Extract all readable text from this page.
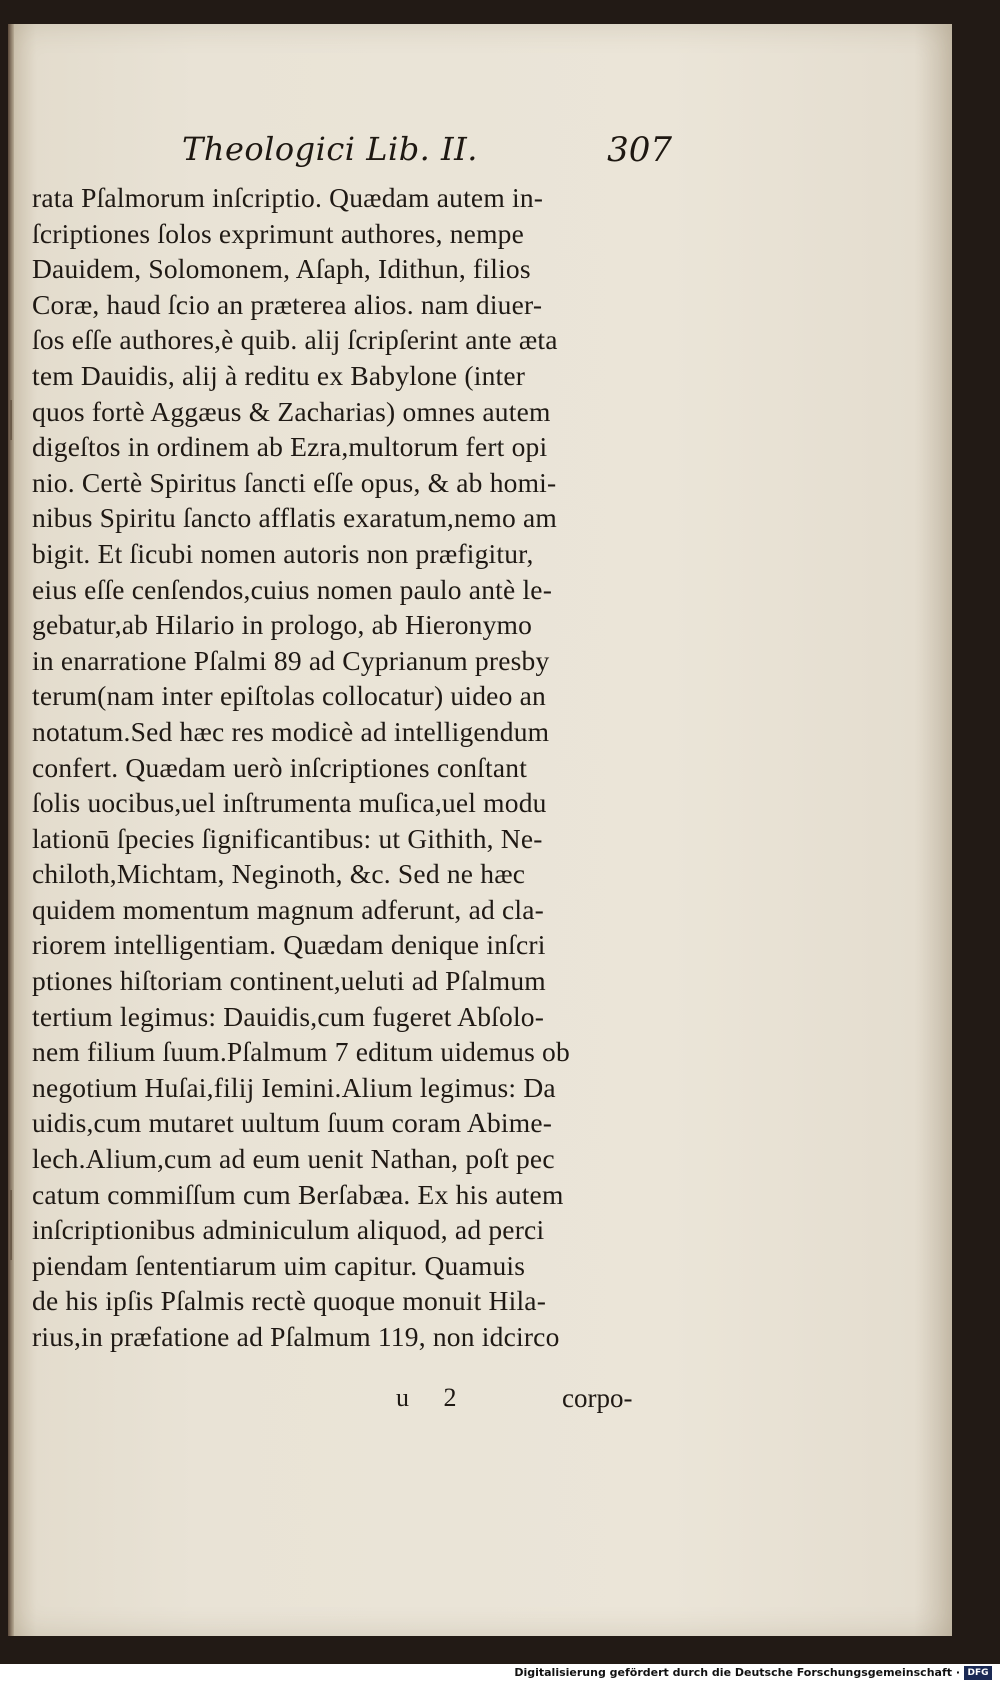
Theologici Lib. II.	307
rata Pſalmorum inſcriptio. Quædam autem in-
ſcriptiones ſolos exprimunt authores, nempe
Dauidem, Solomonem, Aſaph, Idithun, filios
Coræ, haud ſcio an præterea alios. nam diuer-
ſos eſſe authores,è quib. alij ſcripſerint ante æta
tem Dauidis, alij à reditu ex Babylone (inter
quos fortè Aggæus & Zacharias) omnes autem
digeſtos in ordinem ab Ezra,multorum fert opi
nio. Certè Spiritus ſancti eſſe opus, & ab homi-
nibus Spiritu ſancto afflatis exaratum,nemo am
bigit. Et ſicubi nomen autoris non præfigitur,
eius eſſe cenſendos,cuius nomen paulo antè le-
gebatur,ab Hilario in prologo, ab Hieronymo
in enarratione Pſalmi 89 ad Cyprianum presby
terum(nam inter epiſtolas collocatur) uideo an
notatum.Sed hæc res modicè ad intelligendum
confert. Quædam uerò inſcriptiones conſtant
ſolis uocibus,uel inſtrumenta muſica,uel modu
lationū ſpecies ſignificantibus: ut Githith, Ne-
chiloth,Michtam, Neginoth, &c. Sed ne hæc
quidem momentum magnum adferunt, ad cla-
riorem intelligentiam. Quædam denique inſcri
ptiones hiſtoriam continent,ueluti ad Pſalmum
tertium legimus: Dauidis,cum fugeret Abſolo-
nem filium ſuum.Pſalmum 7 editum uidemus ob
negotium Huſai,filij Iemini.Alium legimus: Da
uidis,cum mutaret uultum ſuum coram Abime-
lech.Alium,cum ad eum uenit Nathan, poſt pec
catum commiſſum cum Berſabæa. Ex his autem
inſcriptionibus adminiculum aliquod, ad perci
piendam ſententiarum uim capitur. Quamuis
de his ipſis Pſalmis rectè quoque monuit Hila-
rius,in præfatione ad Pſalmum 119, non idcirco
u 2	corpo-
Digitalisierung gefördert durch die Deutsche Forschungsgemeinschaft · DFG
